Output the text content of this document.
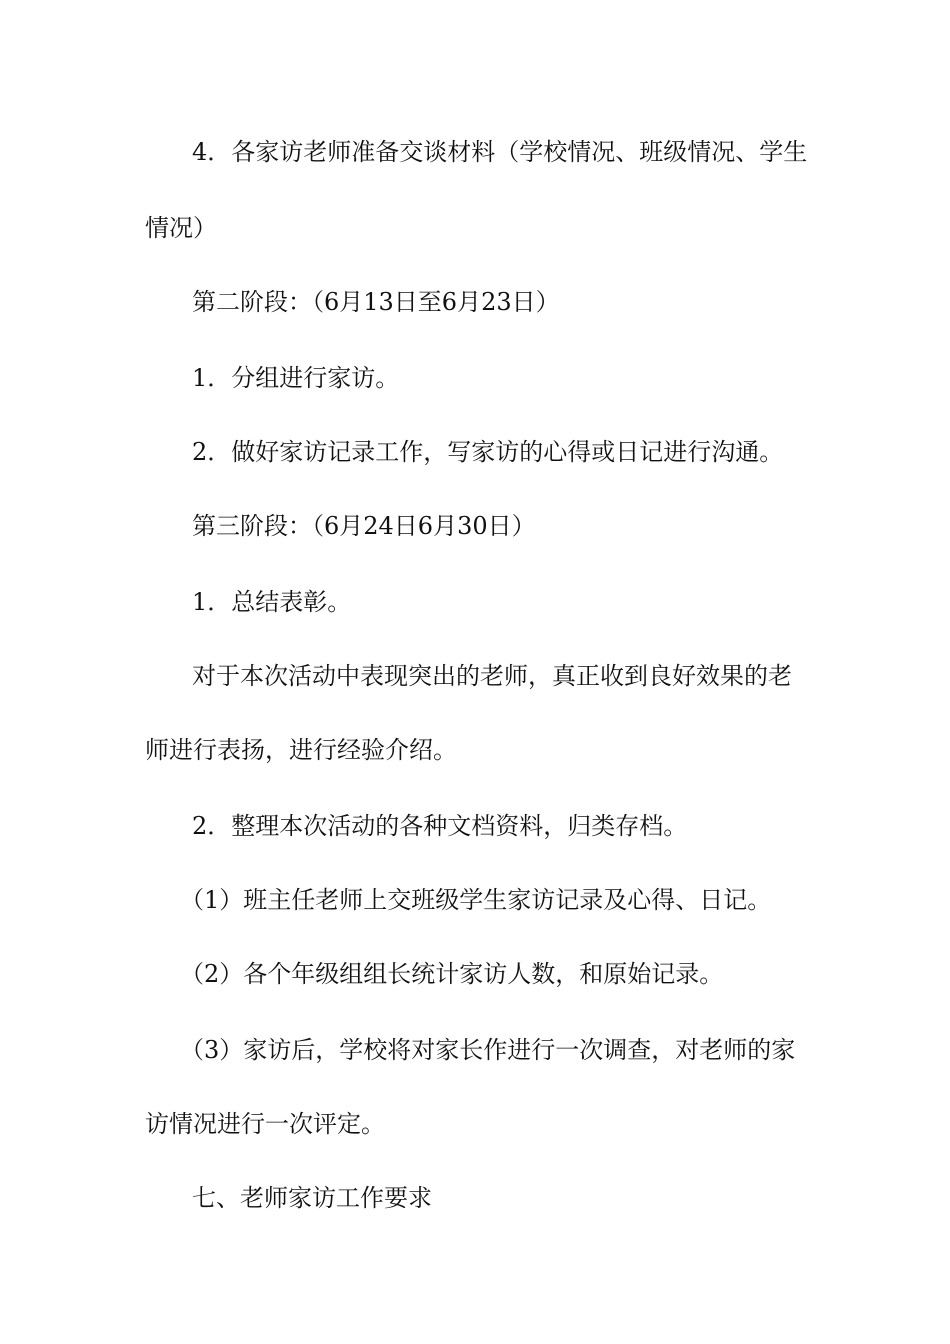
4．各家访老师准备交谈材料（学校情况、班级情况、学生

情况）

第二阶段：（6月13日至6月23日）

1．分组进行家访。

2．做好家访记录工作，写家访的心得或日记进行沟通。

第三阶段：（6月24日6月30日）

1．总结表彰。

对于本次活动中表现突出的老师，真正收到良好效果的老

师进行表扬，进行经验介绍。

2．整理本次活动的各种文档资料，归类存档。

（1）班主任老师上交班级学生家访记录及心得、日记。

（2）各个年级组组长统计家访人数，和原始记录。

（3）家访后，学校将对家长作进行一次调查，对老师的家

访情况进行一次评定。

七、老师家访工作要求
